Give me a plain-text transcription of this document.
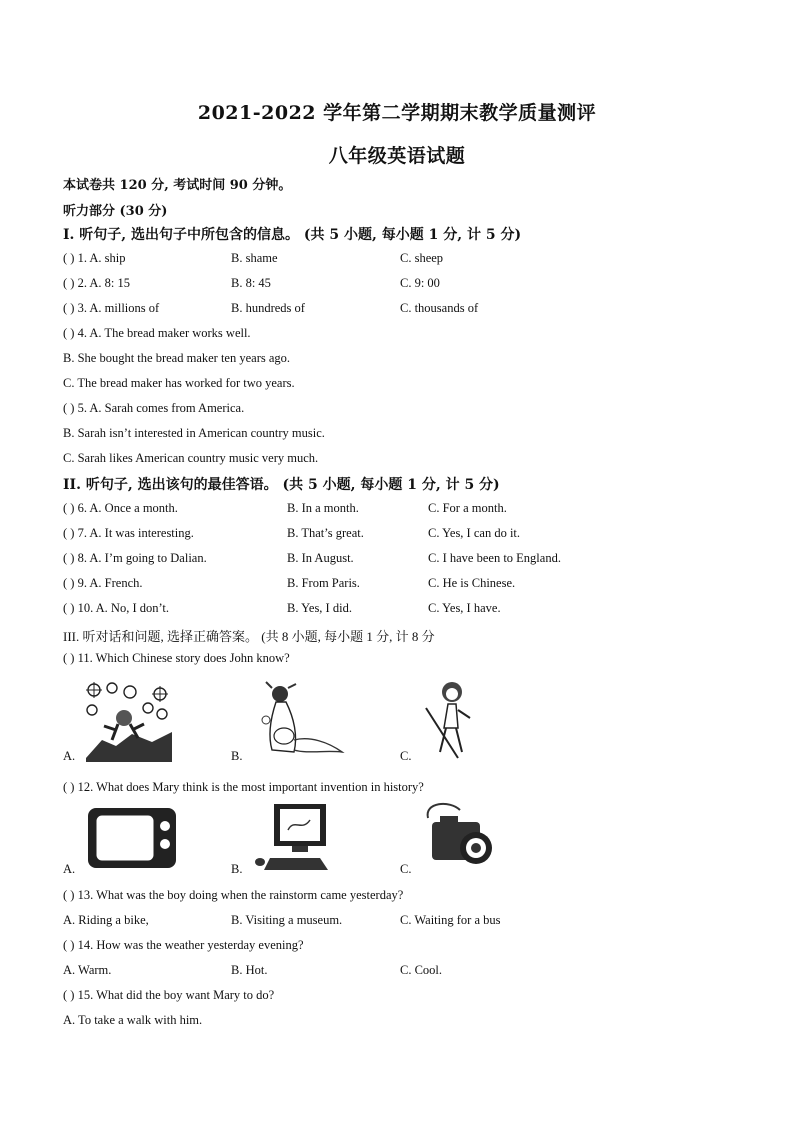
2021-2022 学年第二学期期末教学质量测评
八年级英语试题
本试卷共 120 分, 考试时间 90 分钟。
听力部分 (30 分)
I. 听句子, 选出句子中所包含的信息。 (共 5 小题, 每小题 1 分, 计 5 分)
( ) 1. A. ship	B. shame	C. sheep
( ) 2. A. 8: 15	B. 8: 45	C. 9: 00
( ) 3. A. millions of	B. hundreds of	C. thousands of
( ) 4. A. The bread maker works well.
B. She bought the bread maker ten years ago.
C. The bread maker has worked for two years.
( ) 5. A. Sarah comes from America.
B. Sarah isn’t interested in American country music.
C. Sarah likes American country music very much.
II. 听句子, 选出该句的最佳答语。 (共 5 小题, 每小题 1 分, 计 5 分)
( ) 6. A. Once a month.	B. In a month.	C. For a month.
( ) 7. A. It was interesting.	B. That’s great.	C. Yes, I can do it.
( ) 8. A. I’m going to Dalian.	B. In August.	C. I have been to England.
( ) 9. A. French.	B. From Paris.	C. He is Chinese.
( ) 10. A. No, I don’t.	B. Yes, I did.	C. Yes, I have.
III. 听对话和问题, 选择正确答案。 (共 8 小题, 每小题 1 分, 计 8 分
( ) 11. Which Chinese story does John know?
A.	B.	C.
( ) 12. What does Mary think is the most important invention in history?
A.	B.	C.
( ) 13. What was the boy doing when the rainstorm came yesterday?
A. Riding a bike,	B. Visiting a museum.	C. Waiting for a bus
( ) 14. How was the weather yesterday evening?
A. Warm.	B. Hot.	C. Cool.
( ) 15. What did the boy want Mary to do?
A. To take a walk with him.
